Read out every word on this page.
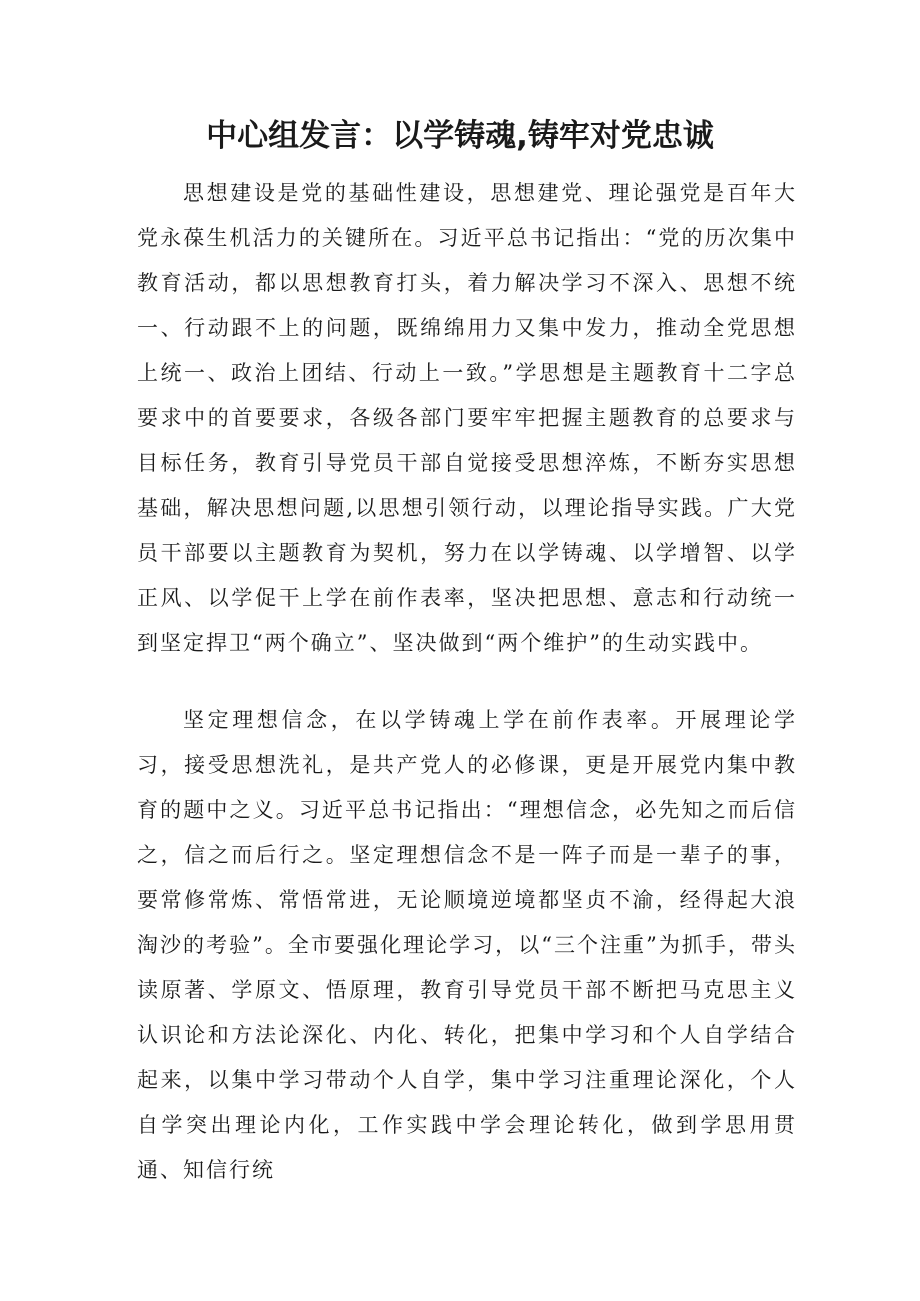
中心组发言：以学铸魂,铸牢对党忠诚

思想建设是党的基础性建设，思想建党、理论强党是百年大党永葆生机活力的关键所在。习近平总书记指出：“党的历次集中教育活动，都以思想教育打头，着力解决学习不深入、思想不统一、行动跟不上的问题，既绵绵用力又集中发力，推动全党思想上统一、政治上团结、行动上一致。”学思想是主题教育十二字总要求中的首要要求，各级各部门要牢牢把握主题教育的总要求与目标任务，教育引导党员干部自觉接受思想淬炼，不断夯实思想基础，解决思想问题,以思想引领行动，以理论指导实践。广大党员干部要以主题教育为契机，努力在以学铸魂、以学增智、以学正风、以学促干上学在前作表率，坚决把思想、意志和行动统一到坚定捍卫“两个确立”、坚决做到“两个维护”的生动实践中。

坚定理想信念，在以学铸魂上学在前作表率。开展理论学习，接受思想洗礼，是共产党人的必修课，更是开展党内集中教育的题中之义。习近平总书记指出：“理想信念，必先知之而后信之，信之而后行之。坚定理想信念不是一阵子而是一辈子的事，要常修常炼、常悟常进，无论顺境逆境都坚贞不渝，经得起大浪淘沙的考验”。全市要强化理论学习，以“三个注重”为抓手，带头读原著、学原文、悟原理，教育引导党员干部不断把马克思主义认识论和方法论深化、内化、转化，把集中学习和个人自学结合起来，以集中学习带动个人自学，集中学习注重理论深化，个人自学突出理论内化，工作实践中学会理论转化，做到学思用贯通、知信行统
